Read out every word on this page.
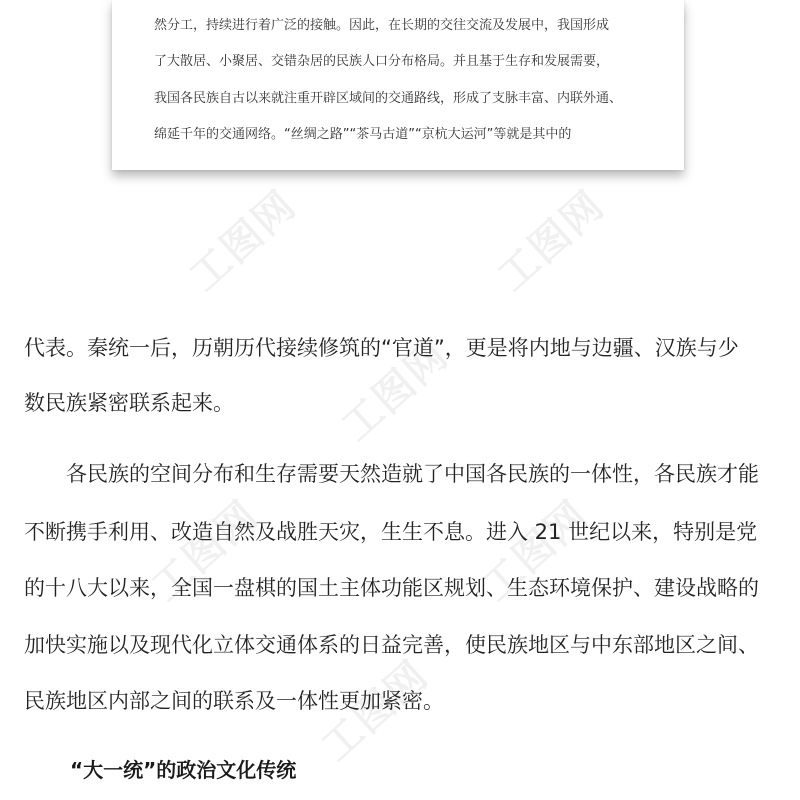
工图网	工图网
工图网
工图网	工图网
工图网
然分工，持续进行着广泛的接触。因此，在长期的交往交流及发展中，我国形成
了大散居、小聚居、交错杂居的民族人口分布格局。并且基于生存和发展需要，
我国各民族自古以来就注重开辟区域间的交通路线，形成了支脉丰富、内联外通、
绵延千年的交通网络。“丝绸之路”“茶马古道”“京杭大运河”等就是其中的
代表。秦统一后，历朝历代接续修筑的“官道”，更是将内地与边疆、汉族与少
数民族紧密联系起来。
　　各民族的空间分布和生存需要天然造就了中国各民族的一体性，各民族才能
不断携手利用、改造自然及战胜天灾，生生不息。进入 21 世纪以来，特别是党
的十八大以来，全国一盘棋的国土主体功能区规划、生态环境保护、建设战略的
加快实施以及现代化立体交通体系的日益完善，使民族地区与中东部地区之间、
民族地区内部之间的联系及一体性更加紧密。
“大一统”的政治文化传统
